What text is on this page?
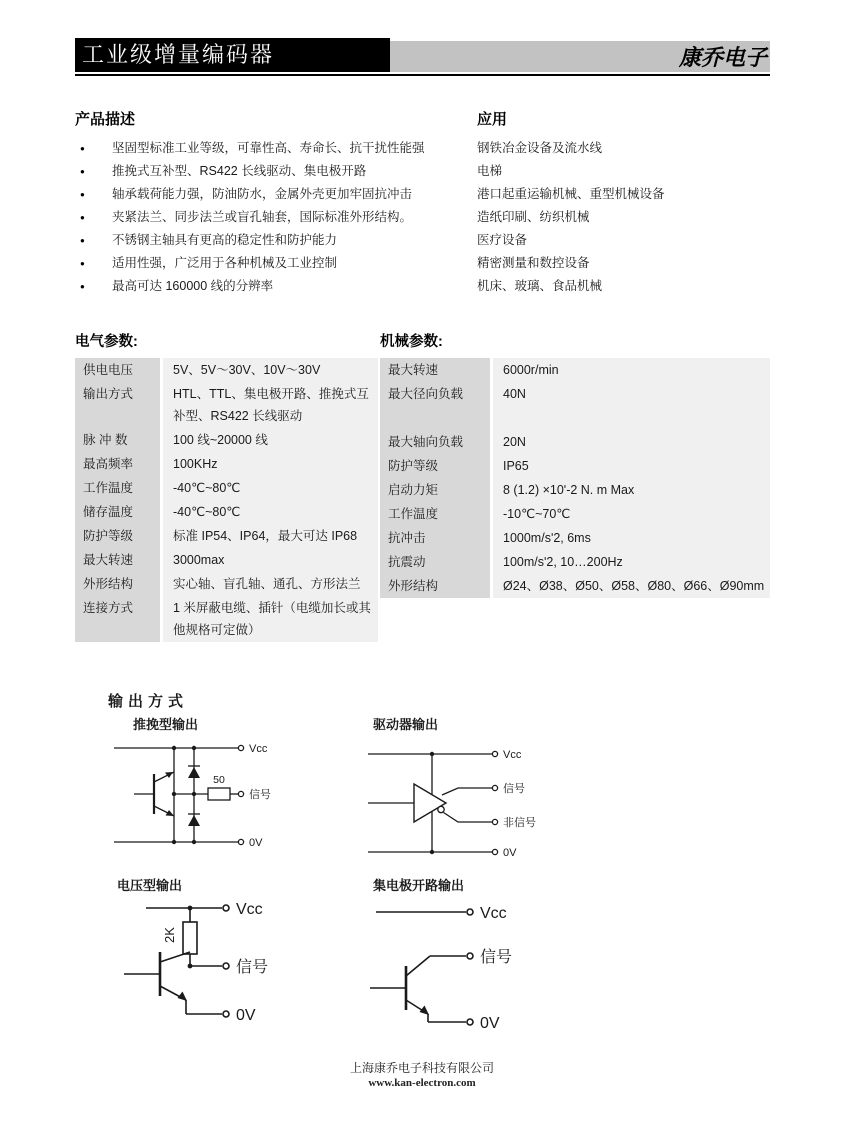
工业级增量编码器	康乔电子
产品描述
●	坚固型标准工业等级，可靠性高、寿命长、抗干扰性能强
●	推挽式互补型、RS422 长线驱动、集电极开路
●	轴承载荷能力强，防油防水，金属外壳更加牢固抗冲击
●	夹紧法兰、同步法兰或盲孔轴套，国际标准外形结构。
●	不锈钢主轴具有更高的稳定性和防护能力
●	适用性强，广泛用于各种机械及工业控制
●	最高可达 160000 线的分辨率
应用
钢铁冶金设备及流水线
电梯
港口起重运输机械、重型机械设备
造纸印刷、纺织机械
医疗设备
精密测量和数控设备
机床、玻璃、食品机械
电气参数:
供电电压	5V、5V～30V、10V～30V
输出方式	HTL、TTL、集电极开路、推挽式互补型、RS422 长线驱动
脉 冲 数	100 线~20000 线
最高频率	100KHz
工作温度	-40℃~80℃
储存温度	-40℃~80℃
防护等级	标准 IP54、IP64，最大可达 IP68
最大转速	3000max
外形结构	实心轴、盲孔轴、通孔、方形法兰
连接方式	1 米屏蔽电缆、插针（电缆加长或其他规格可定做）
机械参数:
最大转速	6000r/min
最大径向负载	40N
最大轴向负载	20N
防护等级	IP65
启动力矩	8 (1.2) ×10ʹ-2 N. m Max
工作温度	-10℃~70℃
抗冲击	1000m/sʹ2, 6ms
抗震动	100m/sʹ2, 10…200Hz
外形结构	Ø24、Ø38、Ø50、Ø58、Ø80、Ø66、Ø90mm
输出方式
推挽型输出
Vcc
50
信号
0V
驱动器输出
Vcc
信号
非信号
0V
电压型输出
Vcc
2K
信号
0V
集电极开路输出
Vcc
信号
0V
上海康乔电子科技有限公司
www.kan-electron.com
